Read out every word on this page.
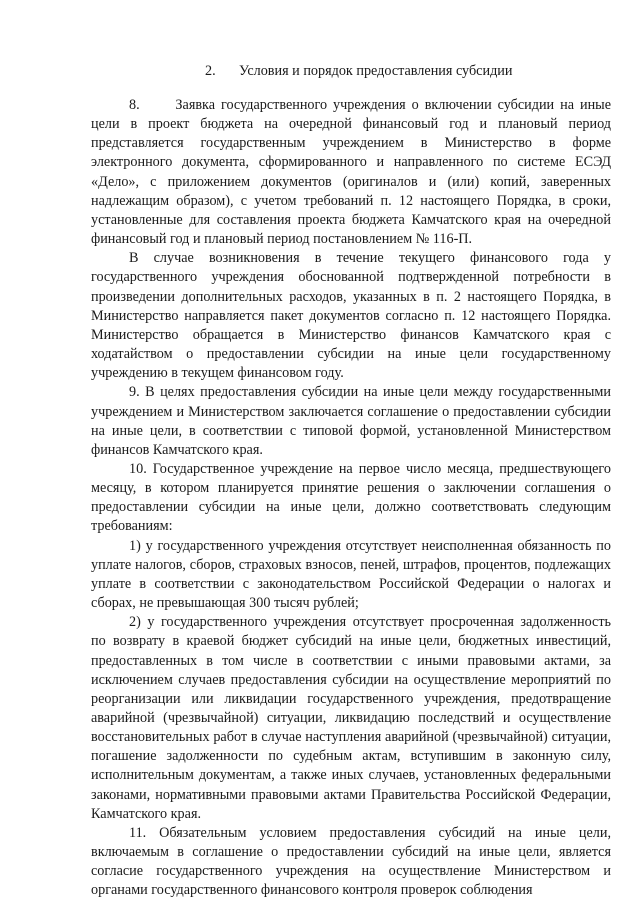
2. Условия и порядок предоставления субсидии

8.      Заявка государственного учреждения о включении субсидии на иные цели в проект бюджета на очередной финансовый год и плановый период представляется государственным учреждением в Министерство в форме электронного документа, сформированного и направленного по системе ЕСЭД «Дело», с приложением документов (оригиналов и (или) копий, заверенных надлежащим образом), с учетом требований п. 12 настоящего Порядка, в сроки, установленные для составления проекта бюджета Камчатского края на очередной финансовый год и плановый период постановлением № 116-П.

В случае возникновения в течение текущего финансового года у государственного учреждения обоснованной подтвержденной потребности в произведении дополнительных расходов, указанных в п. 2 настоящего Порядка, в Министерство направляется пакет документов согласно п. 12 настоящего Порядка. Министерство обращается в Министерство финансов Камчатского края с ходатайством о предоставлении субсидии на иные цели государственному учреждению в текущем финансовом году.

9. В целях предоставления субсидии на иные цели между государственными учреждением и Министерством заключается соглашение о предоставлении субсидии на иные цели, в соответствии с типовой формой, установленной Министерством финансов Камчатского края.

10. Государственное учреждение на первое число месяца, предшествующего месяцу, в котором планируется принятие решения о заключении соглашения о предоставлении субсидии на иные цели, должно соответствовать следующим требованиям:

1) у государственного учреждения отсутствует неисполненная обязанность по уплате налогов, сборов, страховых взносов, пеней, штрафов, процентов, подлежащих уплате в соответствии с законодательством Российской Федерации о налогах и сборах, не превышающая 300 тысяч рублей;

2) у государственного учреждения отсутствует просроченная задолженность по возврату в краевой бюджет субсидий на иные цели, бюджетных инвестиций, предоставленных в том числе в соответствии с иными правовыми актами, за исключением случаев предоставления субсидии на осуществление мероприятий по реорганизации или ликвидации государственного учреждения, предотвращение аварийной (чрезвычайной) ситуации, ликвидацию последствий и осуществление восстановительных работ в случае наступления аварийной (чрезвычайной) ситуации, погашение задолженности по судебным актам, вступившим в законную силу, исполнительным документам, а также иных случаев, установленных федеральными законами, нормативными правовыми актами Правительства Российской Федерации, Камчатского края.

11. Обязательным условием предоставления субсидий на иные цели, включаемым в соглашение о предоставлении субсидий на иные цели, является согласие государственного учреждения на осуществление Министерством и органами государственного финансового контроля проверок соблюдения
